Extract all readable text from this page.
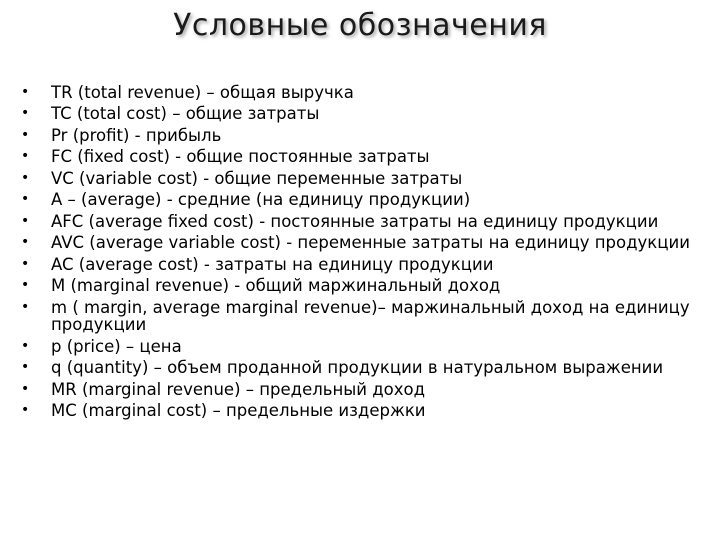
Условные обозначения
•	TR (total revenue) – общая выручка
•	TC (total cost) – общие затраты
•	Pr (profit) - прибыль
•	FC (fixed cost) - общие постоянные затраты
•	VC (variable cost) - общие переменные затраты
•	A – (average) - средние (на единицу продукции)
•	AFC (average fixed cost) - постоянные затраты на единицу продукции
•	AVC (average variable cost) - переменные затраты на единицу продукции
•	AC (average cost) - затраты на единицу продукции
•	M (marginal revenue) - общий маржинальный доход
•	m ( margin, average marginal revenue)– маржинальный доход на единицу продукции
•	p (price) – цена
•	q (quantity) – объем проданной продукции в натуральном выражении
•	MR (marginal revenue) – предельный доход
•	MC (marginal cost) – предельные издержки
